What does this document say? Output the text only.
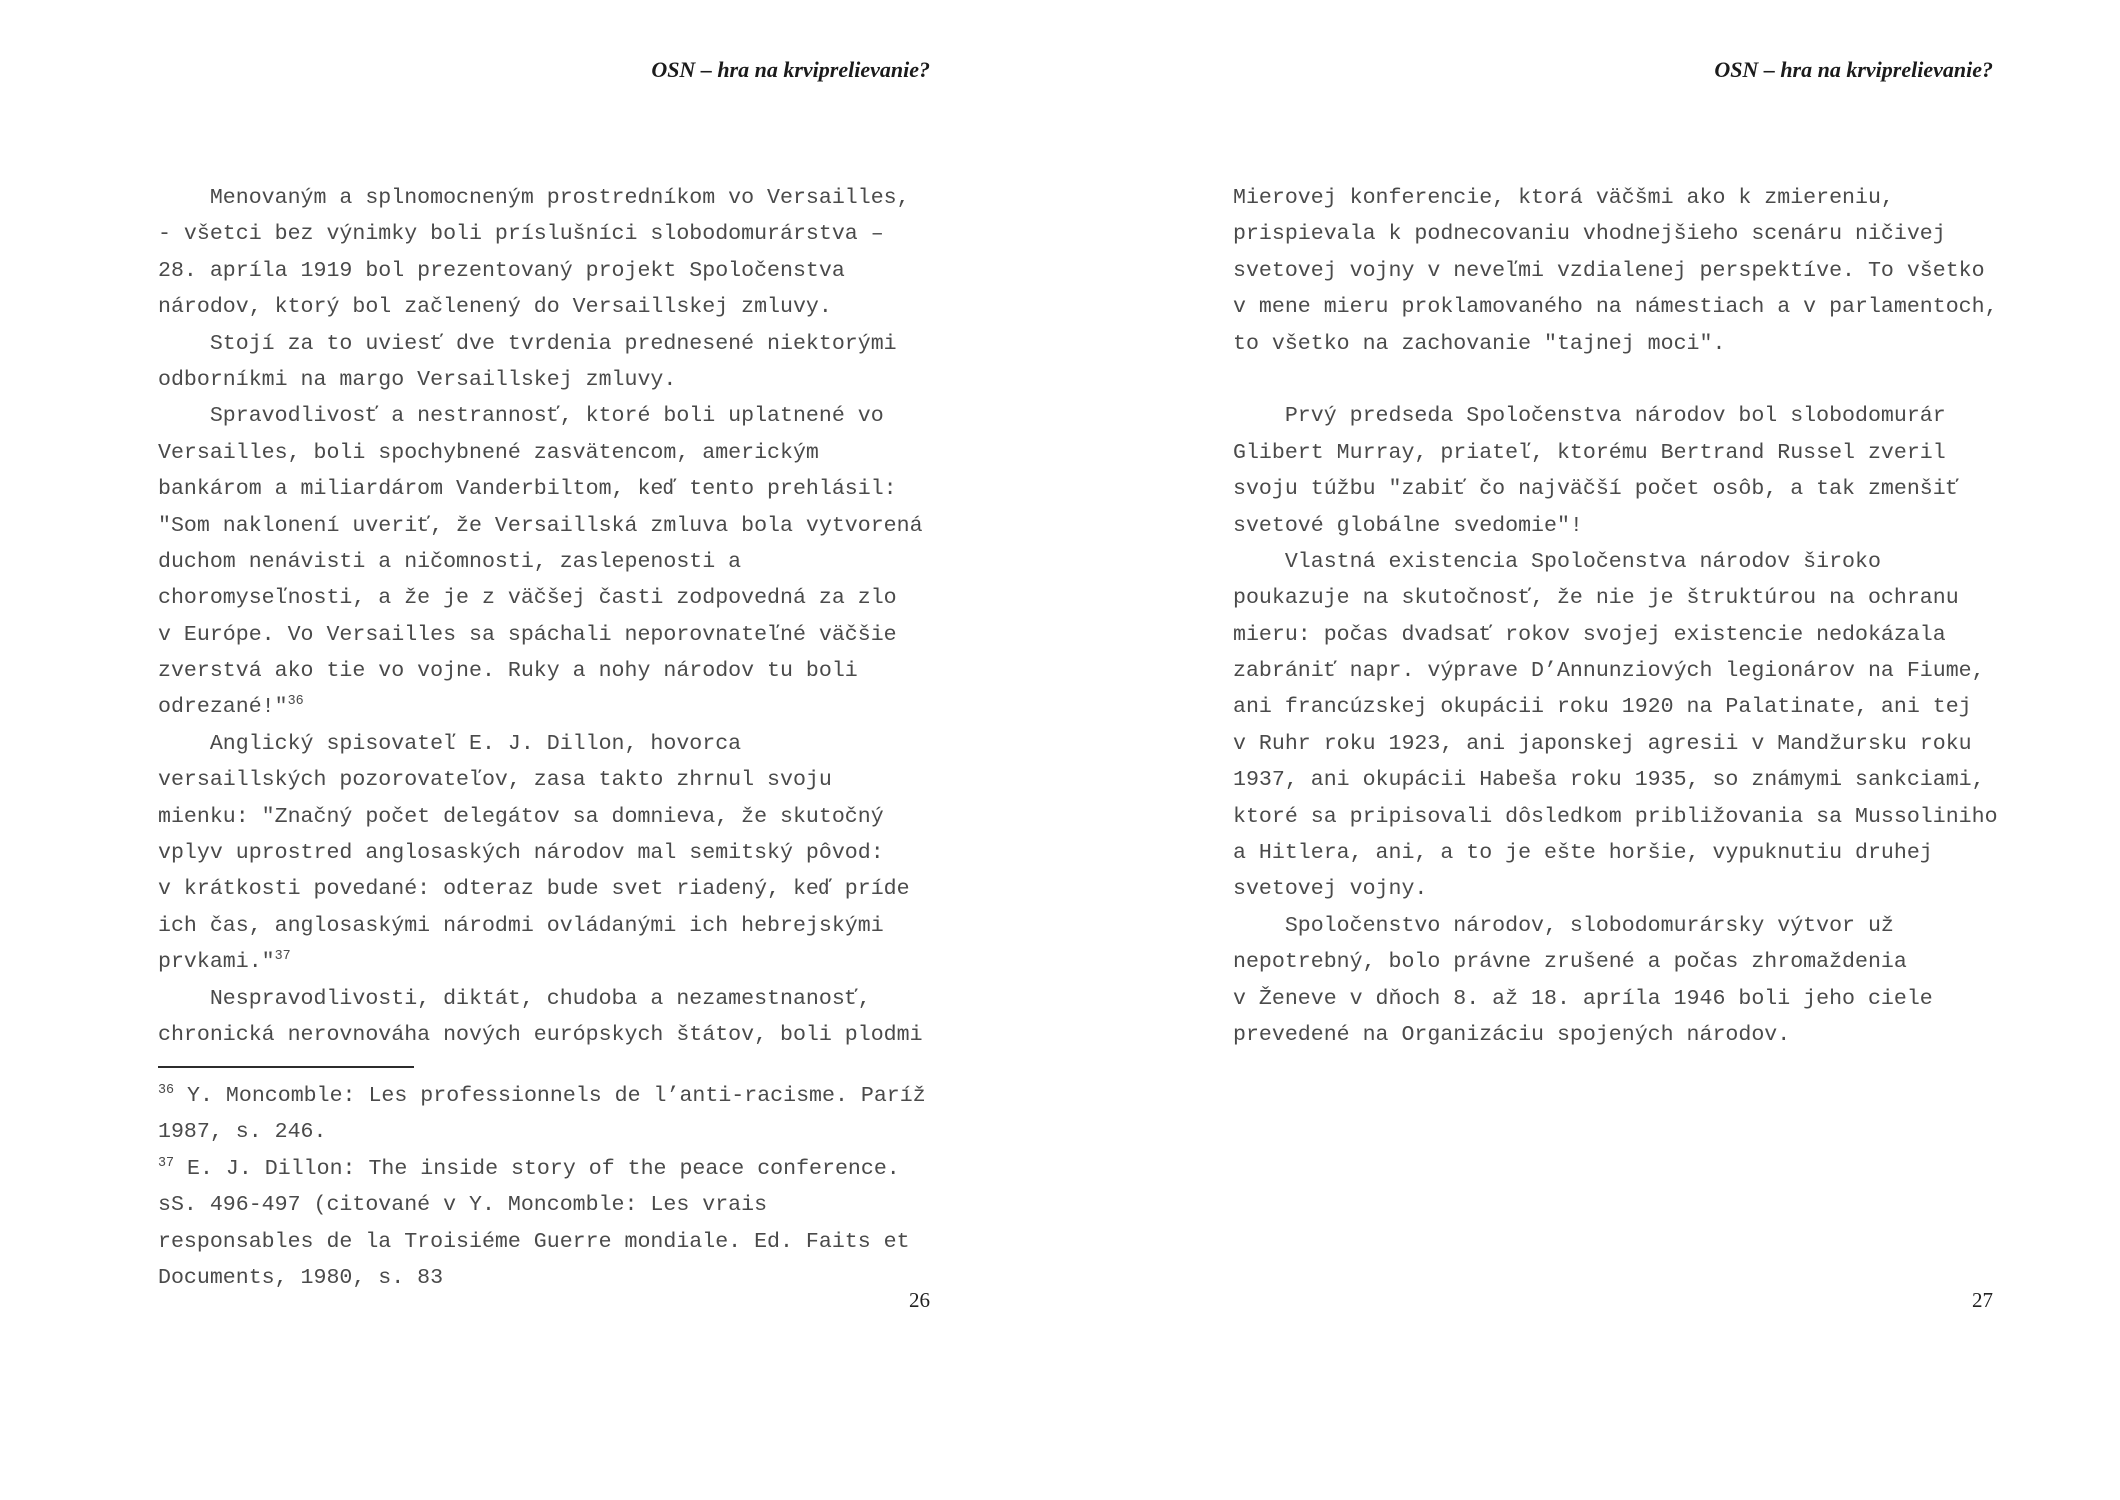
OSN – hra na krviprelievanie?
Menovaným a splnomocneným prostredníkom vo Versailles,
- všetci bez výnimky boli príslušníci slobodomurárstva –
28. apríla 1919 bol prezentovaný projekt Spoločenstva
národov, ktorý bol začlenený do Versaillskej zmluvy.
Stojí za to uviesť dve tvrdenia prednesené niektorými
odborníkmi na margo Versaillskej zmluvy.
Spravodlivosť a nestrannosť, ktoré boli uplatnené vo
Versailles, boli spochybnené zasvätencom, americkým
bankárom a miliardárom Vanderbiltom, keď tento prehlásil:
"Som naklonení uveriť, že Versaillská zmluva bola vytvorená
duchom nenávisti a ničomnosti, zaslepenosti a
choromyseľnosti, a že je z väčšej časti zodpovedná za zlo
v Európe. Vo Versailles sa spáchali neporovnateľné väčšie
zverstvá ako tie vo vojne. Ruky a nohy národov tu boli
odrezané!"$^{36}$
Anglický spisovateľ E. J. Dillon, hovorca
versaillských pozorovateľov, zasa takto zhrnul svoju
mienku: "Značný počet delegátov sa domnieva, že skutočný
vplyv uprostred anglosaských národov mal semitský pôvod:
v krátkosti povedané: odteraz bude svet riadený, keď príde
ich čas, anglosaskými národmi ovládanými ich hebrejskými
prvkami."$^{37}$
Nespravodlivosti, diktát, chudoba a nezamestnanosť,
chronická nerovnováha nových európskych štátov, boli plodmi
$^{36}$ Y. Moncomble: Les professionnels de l’anti-racisme. Paríž
1987, s. 246.
$^{37}$ E. J. Dillon: The inside story of the peace conference.
sS. 496-497 (citované v Y. Moncomble: Les vrais
responsables de la Troisiéme Guerre mondiale. Ed. Faits et
Documents, 1980, s. 83
26
OSN – hra na krviprelievanie?
Mierovej konferencie, ktorá väčšmi ako k zmiereniu,
prispievala k podnecovaniu vhodnejšieho scenáru ničivej
svetovej vojny v neveľmi vzdialenej perspektíve. To všetko
v mene mieru proklamovaného na námestiach a v parlamentoch,
to všetko na zachovanie "tajnej moci".

Prvý predseda Spoločenstva národov bol slobodomurár
Glibert Murray, priateľ, ktorému Bertrand Russel zveril
svoju túžbu "zabiť čo najväčší počet osôb, a tak zmenšiť
svetové globálne svedomie"!
Vlastná existencia Spoločenstva národov široko
poukazuje na skutočnosť, že nie je štruktúrou na ochranu
mieru: počas dvadsať rokov svojej existencie nedokázala
zabrániť napr. výprave D’Annunziových legionárov na Fiume,
ani francúzskej okupácii roku 1920 na Palatinate, ani tej
v Ruhr roku 1923, ani japonskej agresii v Mandžursku roku
1937, ani okupácii Habeša roku 1935, so známymi sankciami,
ktoré sa pripisovali dôsledkom približovania sa Mussoliniho
a Hitlera, ani, a to je ešte horšie, vypuknutiu druhej
svetovej vojny.
Spoločenstvo národov, slobodomurársky výtvor už
nepotrebný, bolo právne zrušené a počas zhromaždenia
v Ženeve v dňoch 8. až 18. apríla 1946 boli jeho ciele
prevedené na Organizáciu spojených národov.
27
